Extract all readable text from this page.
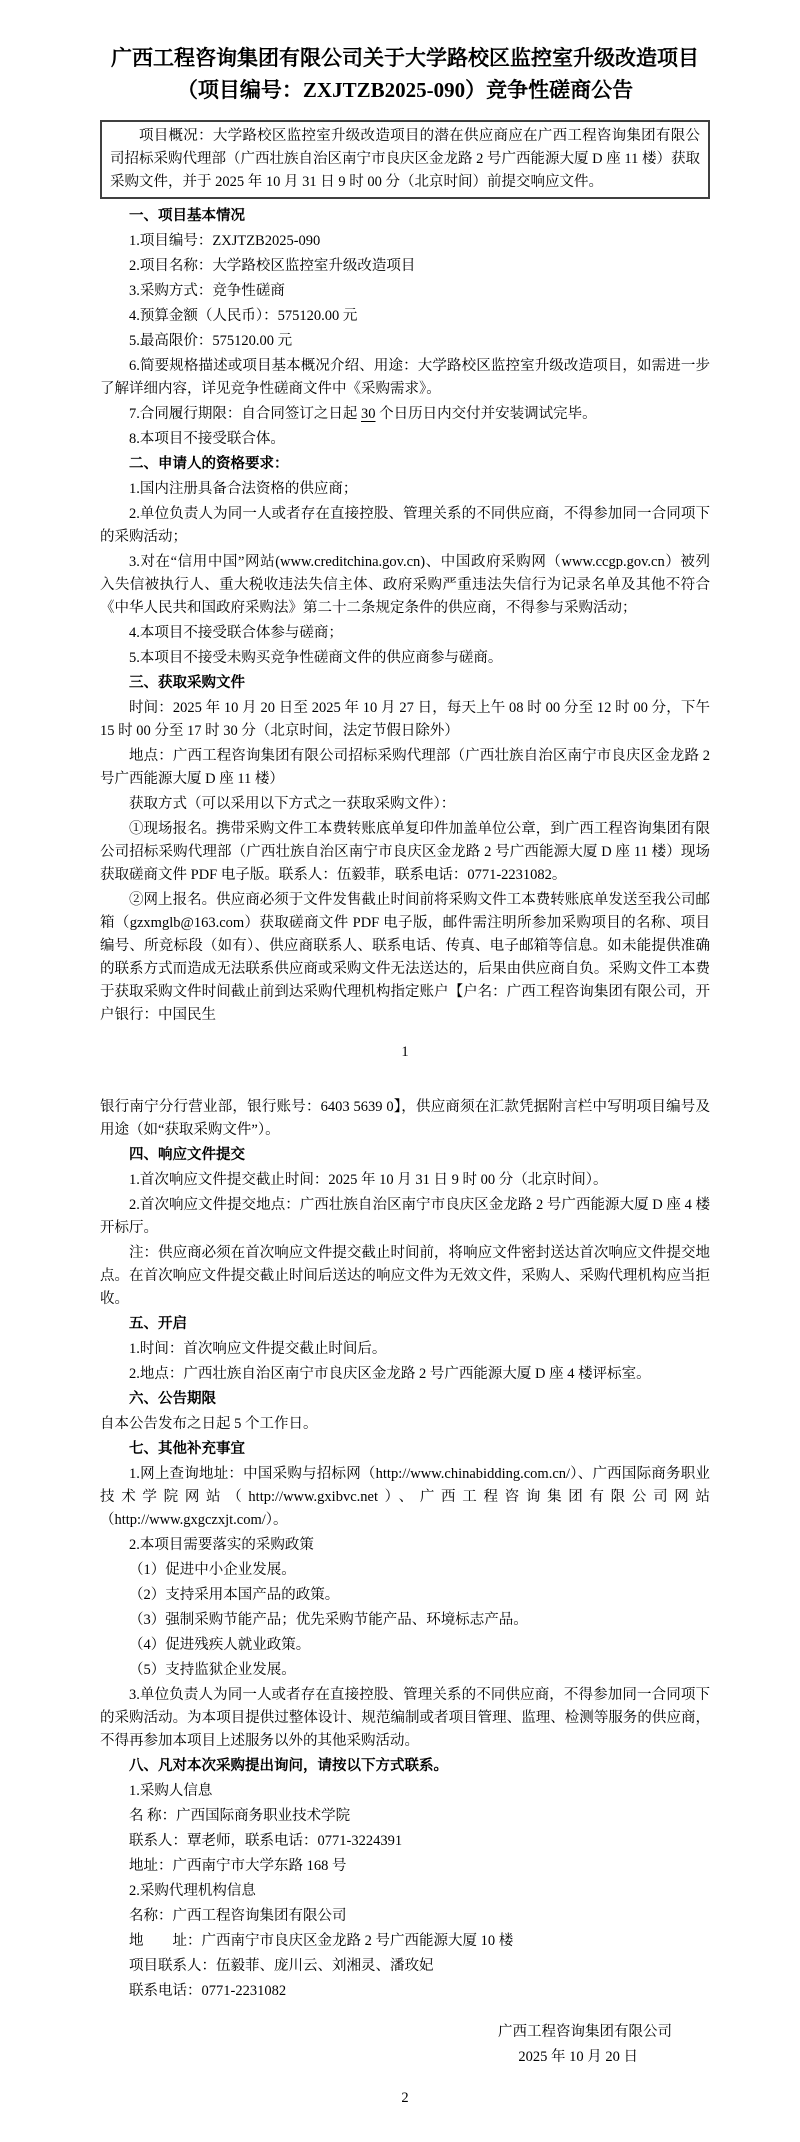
广西工程咨询集团有限公司关于大学路校区监控室升级改造项目
（项目编号：ZXJTZB2025-090）竞争性磋商公告
项目概况：大学路校区监控室升级改造项目的潜在供应商应在广西工程咨询集团有限公司招标采购代理部（广西壮族自治区南宁市良庆区金龙路 2 号广西能源大厦 D 座 11 楼）获取采购文件，并于 2025 年 10 月 31 日 9 时 00 分（北京时间）前提交响应文件。
一、项目基本情况
1.项目编号：ZXJTZB2025-090
2.项目名称：大学路校区监控室升级改造项目
3.采购方式：竞争性磋商
4.预算金额（人民币）：575120.00 元
5.最高限价：575120.00 元
6.简要规格描述或项目基本概况介绍、用途：大学路校区监控室升级改造项目，如需进一步了解详细内容，详见竞争性磋商文件中《采购需求》。
7.合同履行期限：自合同签订之日起 30 个日历日内交付并安装调试完毕。
8.本项目不接受联合体。
二、申请人的资格要求：
1.国内注册具备合法资格的供应商；
2.单位负责人为同一人或者存在直接控股、管理关系的不同供应商，不得参加同一合同项下的采购活动；
3.对在“信用中国”网站(www.creditchina.gov.cn)、中国政府采购网（www.ccgp.gov.cn）被列入失信被执行人、重大税收违法失信主体、政府采购严重违法失信行为记录名单及其他不符合《中华人民共和国政府采购法》第二十二条规定条件的供应商，不得参与采购活动；
4.本项目不接受联合体参与磋商；
5.本项目不接受未购买竞争性磋商文件的供应商参与磋商。
三、获取采购文件
时间：2025 年 10 月 20 日至 2025 年 10 月 27 日，每天上午 08 时 00 分至 12 时 00 分，下午 15 时 00 分至 17 时 30 分（北京时间，法定节假日除外）
地点：广西工程咨询集团有限公司招标采购代理部（广西壮族自治区南宁市良庆区金龙路 2 号广西能源大厦 D 座 11 楼）
获取方式（可以采用以下方式之一获取采购文件）：
①现场报名。携带采购文件工本费转账底单复印件加盖单位公章，到广西工程咨询集团有限公司招标采购代理部（广西壮族自治区南宁市良庆区金龙路 2 号广西能源大厦 D 座 11 楼）现场获取磋商文件 PDF 电子版。联系人：伍毅菲，联系电话：0771-2231082。
②网上报名。供应商必须于文件发售截止时间前将采购文件工本费转账底单发送至我公司邮箱（gzxmglb@163.com）获取磋商文件 PDF 电子版，邮件需注明所参加采购项目的名称、项目编号、所竞标段（如有）、供应商联系人、联系电话、传真、电子邮箱等信息。如未能提供准确的联系方式而造成无法联系供应商或采购文件无法送达的，后果由供应商自负。采购文件工本费于获取采购文件时间截止前到达采购代理机构指定账户【户名：广西工程咨询集团有限公司，开户银行：中国民生
1
银行南宁分行营业部，银行账号：6403 5639 0】，供应商须在汇款凭据附言栏中写明项目编号及用途（如“获取采购文件”）。
四、响应文件提交
1.首次响应文件提交截止时间：2025 年 10 月 31 日 9 时 00 分（北京时间）。
2.首次响应文件提交地点：广西壮族自治区南宁市良庆区金龙路 2 号广西能源大厦 D 座 4 楼开标厅。
注：供应商必须在首次响应文件提交截止时间前，将响应文件密封送达首次响应文件提交地点。在首次响应文件提交截止时间后送达的响应文件为无效文件，采购人、采购代理机构应当拒收。
五、开启
1.时间：首次响应文件提交截止时间后。
2.地点：广西壮族自治区南宁市良庆区金龙路 2 号广西能源大厦 D 座 4 楼评标室。
六、公告期限
自本公告发布之日起 5 个工作日。
七、其他补充事宜
1.网上查询地址：中国采购与招标网（http://www.chinabidding.com.cn/）、广西国际商务职业技术学院网站（http://www.gxibvc.net）、广西工程咨询集团有限公司网站（http://www.gxgczxjt.com/）。
2.本项目需要落实的采购政策
（1）促进中小企业发展。
（2）支持采用本国产品的政策。
（3）强制采购节能产品；优先采购节能产品、环境标志产品。
（4）促进残疾人就业政策。
（5）支持监狱企业发展。
3.单位负责人为同一人或者存在直接控股、管理关系的不同供应商，不得参加同一合同项下的采购活动。为本项目提供过整体设计、规范编制或者项目管理、监理、检测等服务的供应商，不得再参加本项目上述服务以外的其他采购活动。
八、凡对本次采购提出询问，请按以下方式联系。
1.采购人信息
名 称：广西国际商务职业技术学院
联系人：覃老师，联系电话：0771-3224391
地址：广西南宁市大学东路 168 号
2.采购代理机构信息
名称：广西工程咨询集团有限公司
地　　址：广西南宁市良庆区金龙路 2 号广西能源大厦 10 楼
项目联系人：伍毅菲、庞川云、刘湘灵、潘玫妃
联系电话：0771-2231082
广西工程咨询集团有限公司
2025 年 10 月 20 日
2
